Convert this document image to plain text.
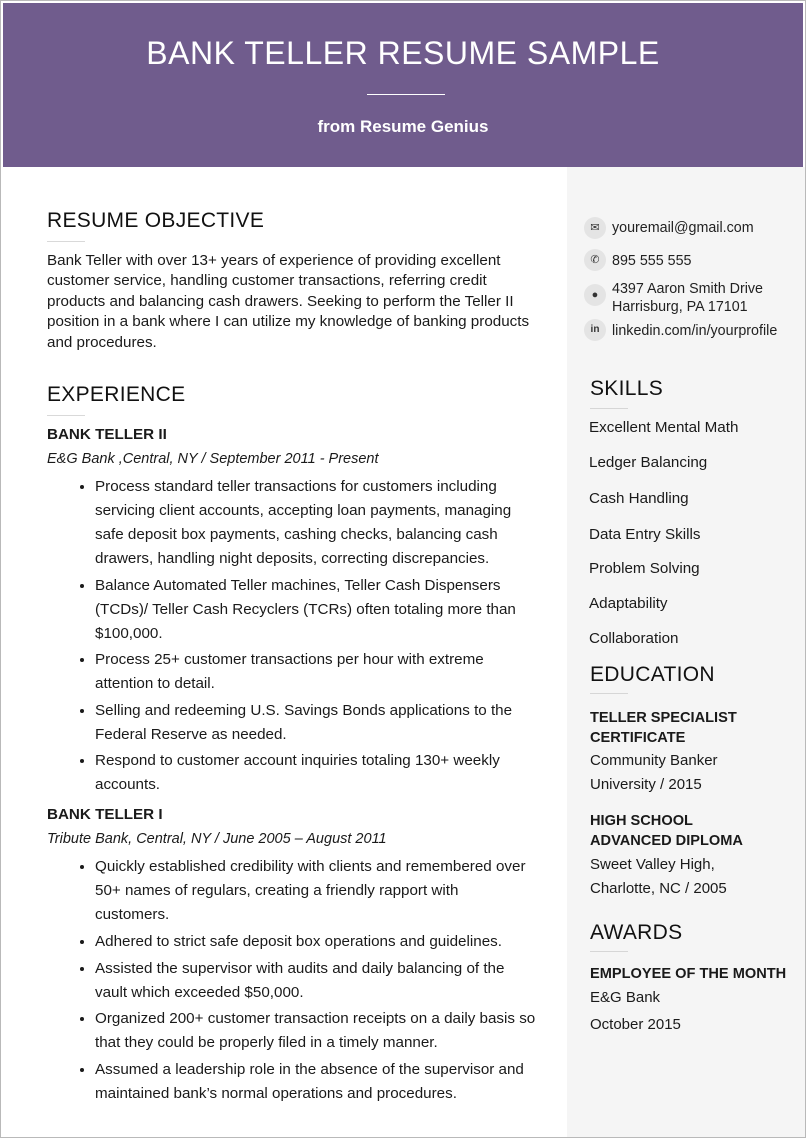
BANK TELLER RESUME SAMPLE
from Resume Genius
RESUME OBJECTIVE

Bank Teller with over 13+ years of experience of providing excellent
customer service, handling customer transactions, referring credit
products and balancing cash drawers. Seeking to perform the Teller II
position in a bank where I can utilize my knowledge of banking products
and procedures.

EXPERIENCE
BANK TELLER II
E&G Bank ,Central, NY / September 2011 - Present
• Process standard teller transactions for customers including
servicing client accounts, accepting loan payments, managing
safe deposit box payments, cashing checks, balancing cash
drawers, handling night deposits, correcting discrepancies.
• Balance Automated Teller machines, Teller Cash Dispensers
(TCDs)/ Teller Cash Recyclers (TCRs) often totaling more than
$100,000.
• Process 25+ customer transactions per hour with extreme
attention to detail.
• Selling and redeeming U.S. Savings Bonds applications to the
Federal Reserve as needed.
• Respond to customer account inquiries totaling 130+ weekly
accounts.
BANK TELLER I
Tribute Bank, Central, NY / June 2005 – August 2011
• Quickly established credibility with clients and remembered over
50+ names of regulars, creating a friendly rapport with
customers.
• Adhered to strict safe deposit box operations and guidelines.
• Assisted the supervisor with audits and daily balancing of the
vault which exceeded $50,000.
• Organized 200+ customer transaction receipts on a daily basis so
that they could be properly filed in a timely manner.
• Assumed a leadership role in the absence of the supervisor and
maintained bank’s normal operations and procedures.
✉ youremail@gmail.com
✆ 895 555 555
● 4397 Aaron Smith Drive
Harrisburg, PA 17101
in linkedin.com/in/yourprofile
SKILLS
Excellent Mental Math
Ledger Balancing
Cash Handling
Data Entry Skills
Problem Solving
Adaptability
Collaboration
EDUCATION
TELLER SPECIALIST
CERTIFICATE
Community Banker
University / 2015
HIGH SCHOOL
ADVANCED DIPLOMA
Sweet Valley High,
Charlotte, NC / 2005
AWARDS
EMPLOYEE OF THE MONTH
E&G Bank
October 2015
